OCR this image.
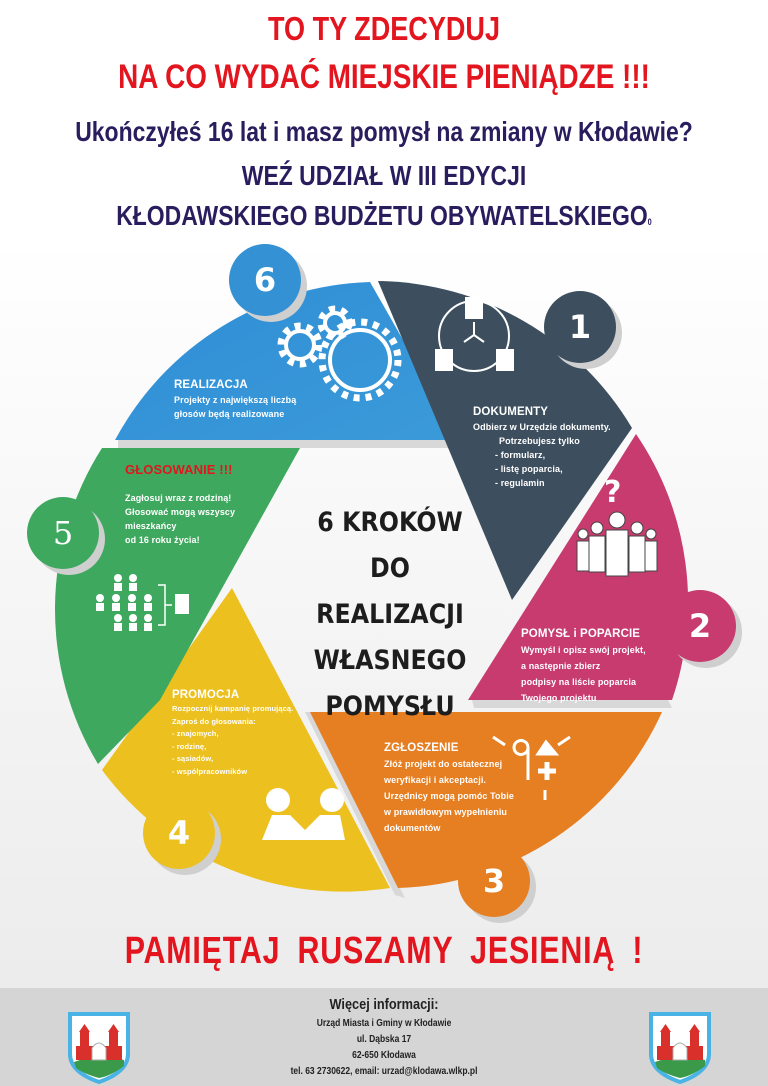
TO TY ZDECYDUJ
NA CO WYDAĆ MIEJSKIE PIENIĄDZE !!!
Ukończyłeś 16 lat i masz pomysł na zmiany w Kłodawie?
WEŹ UDZIAŁ W III EDYCJI
KŁODAWSKIEGO BUDŻETU OBYWATELSKIEGO0
?
6
1
2
3
4
5
REALIZACJA
Projekty z największą liczbą
głosów będą realizowane	DOKUMENTY
Odbierz w Urzędzie dokumenty.
Potrzebujesz tylko
- formularz,
- listę poparcia,
- regulamin
POMYSŁ i POPARCIE
Wymyśl i opisz swój projekt,
a następnie zbierz
podpisy na liście poparcia
Twojego projektu
ZGŁOSZENIE
Złóż projekt do ostatecznej
weryfikacji i akceptacji.
Urzędnicy mogą pomóc Tobie
w prawidłowym wypełnieniu
dokumentów
PROMOCJA
Rozpocznij kampanię promującą.
Zaproś do głosowania:
- znajomych,
- rodzinę,
- sąsiadów,
- współpracowników
GŁOSOWANIE !!!
Zagłosuj wraz z rodziną!
Głosować mogą wszyscy
mieszkańcy
od 16 roku życia!
6 KROKÓW
DO REALIZACJI
WŁASNEGO
POMYSŁU
PAMIĘTAJ RUSZAMY JESIENIĄ !
Więcej informacji:
Urząd Miasta i Gminy w Kłodawie
ul. Dąbska 17
62-650 Kłodawa
tel. 63 2730622, email: urzad@klodawa.wlkp.pl
